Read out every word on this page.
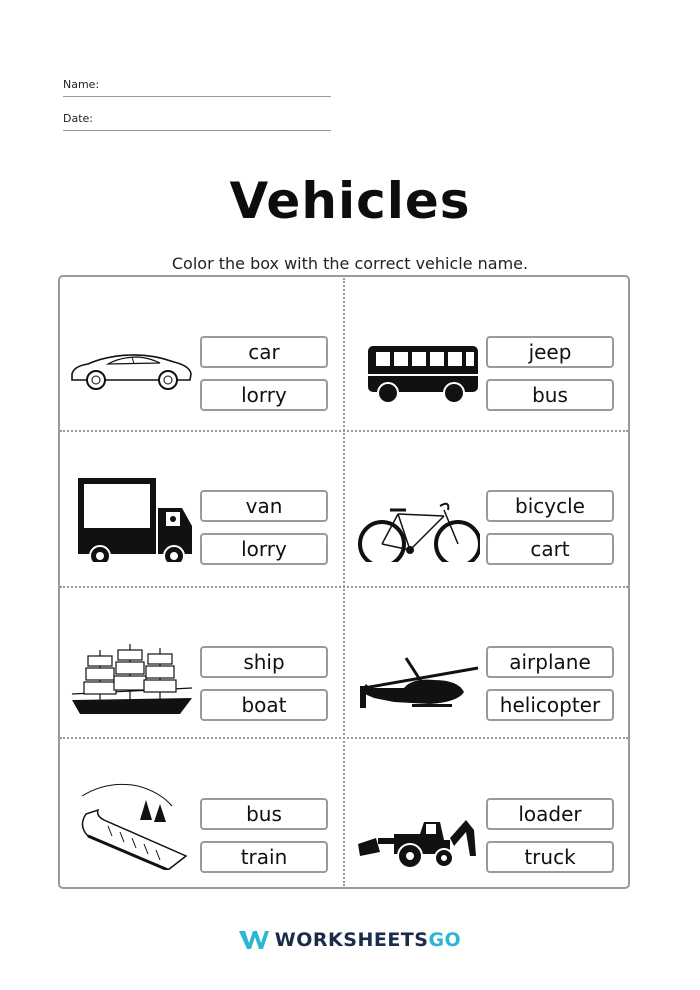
Name:
Date:
Vehicles
Color the box with the correct vehicle name.
car
lorry
jeep
bus
van
lorry
bicycle
cart
ship
boat
airplane
helicopter
bus
train
loader
truck
WORKSHEETSGO
